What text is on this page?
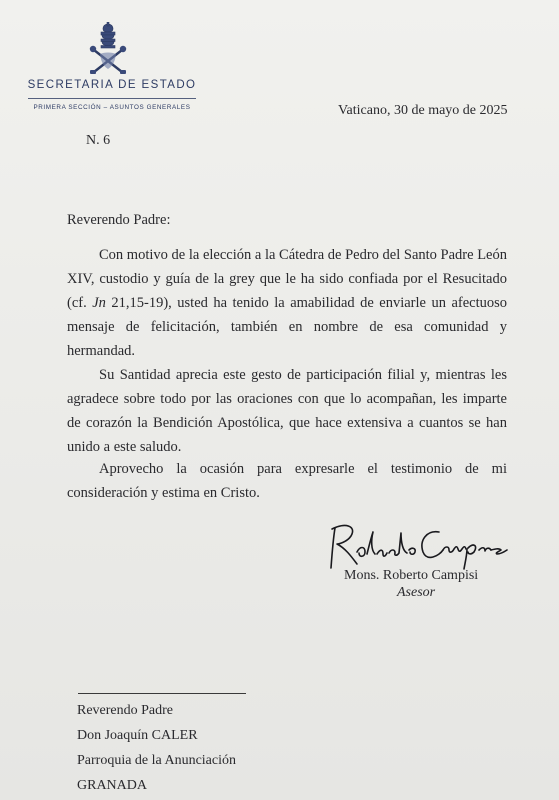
SECRETARIA DE ESTADO
PRIMERA SECCIÓN – ASUNTOS GENERALES	Vaticano, 30 de mayo de 2025
N. 6
Reverendo Padre:

Con motivo de la elección a la Cátedra de Pedro del Santo Padre León XIV, custodio y guía de la grey que le ha sido confiada por el Resucitado (cf. Jn 21,15-19), usted ha tenido la amabilidad de enviarle un afectuoso mensaje de felicitación, también en nombre de esa comunidad y hermandad.

Su Santidad aprecia este gesto de participación filial y, mientras les agradece sobre todo por las oraciones con que lo acompañan, les imparte de corazón la Bendición Apostólica, que hace extensiva a cuantos se han unido a este saludo.

Aprovecho la ocasión para expresarle el testimonio de mi consideración y estima en Cristo.

Mons. Roberto Campisi
Asesor
Reverendo Padre
Don Joaquín CALER
Parroquia de la Anunciación
GRANADA
